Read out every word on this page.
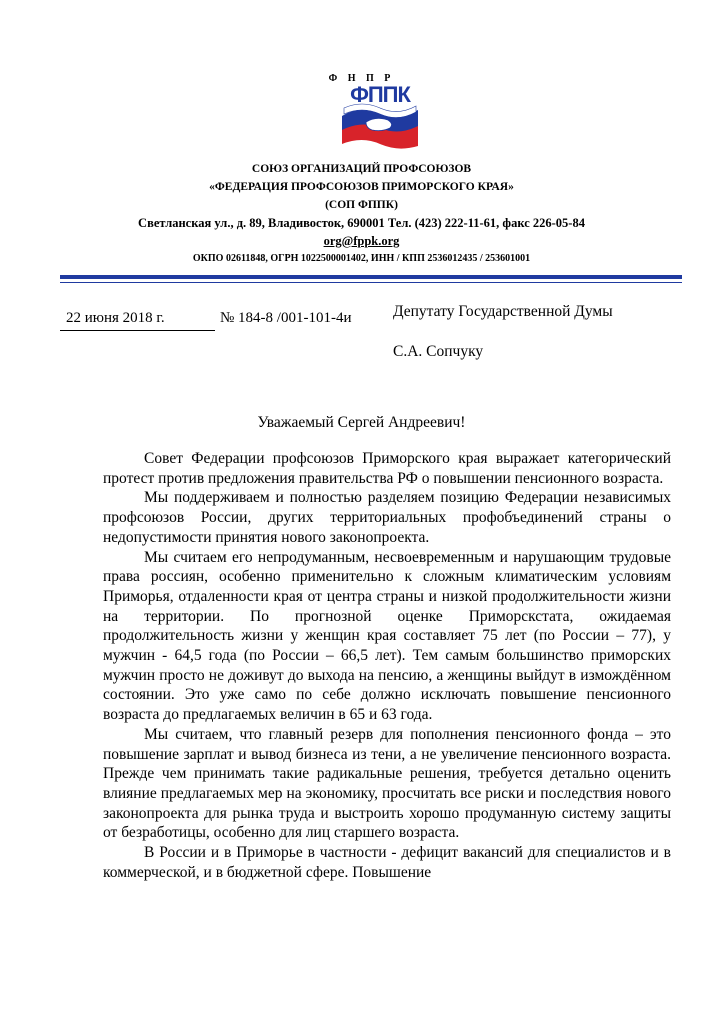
Ф Н П Р
ФППК
СОЮЗ ОРГАНИЗАЦИЙ ПРОФСОЮЗОВ
«ФЕДЕРАЦИЯ ПРОФСОЮЗОВ ПРИМОРСКОГО КРАЯ»
(СОП ФППК)
Светланская ул., д. 89, Владивосток, 690001 Тел. (423) 222-11-61, факс 226-05-84
org@fppk.org
ОКПО 02611848, ОГРН 1022500001402, ИНН / КПП 2536012435 / 253601001
22 июня 2018 г.	№ 184-8 /001-101-4и	Депутату Государственной Думы
С.А. Сопчуку
Уважаемый Сергей Андреевич!

Совет Федерации профсоюзов Приморского края выражает категорический протест против предложения правительства РФ о повышении пенсионного возраста.

Мы поддерживаем и полностью разделяем позицию Федерации независимых профсоюзов России, других территориальных профобъединений страны о недопустимости принятия нового законопроекта.

Мы считаем его непродуманным, несвоевременным и нарушающим трудовые права россиян, особенно применительно к сложным климатическим условиям Приморья, отдаленности края от центра страны и низкой продолжительности жизни на территории. По прогнозной оценке Приморскстата, ожидаемая продолжительность жизни у женщин края составляет 75 лет (по России – 77), у мужчин - 64,5 года (по России – 66,5 лет). Тем самым большинство приморских мужчин просто не доживут до выхода на пенсию, а женщины выйдут в измождённом состоянии. Это уже само по себе должно исключать повышение пенсионного возраста до предлагаемых величин в 65 и 63 года.

Мы считаем, что главный резерв для пополнения пенсионного фонда – это повышение зарплат и вывод бизнеса из тени, а не увеличение пенсионного возраста. Прежде чем принимать такие радикальные решения, требуется детально оценить влияние предлагаемых мер на экономику, просчитать все риски и последствия нового законопроекта для рынка труда и выстроить хорошо продуманную систему защиты от безработицы, особенно для лиц старшего возраста.

В России и в Приморье в частности - дефицит вакансий для специалистов и в коммерческой, и в бюджетной сфере. Повышение
